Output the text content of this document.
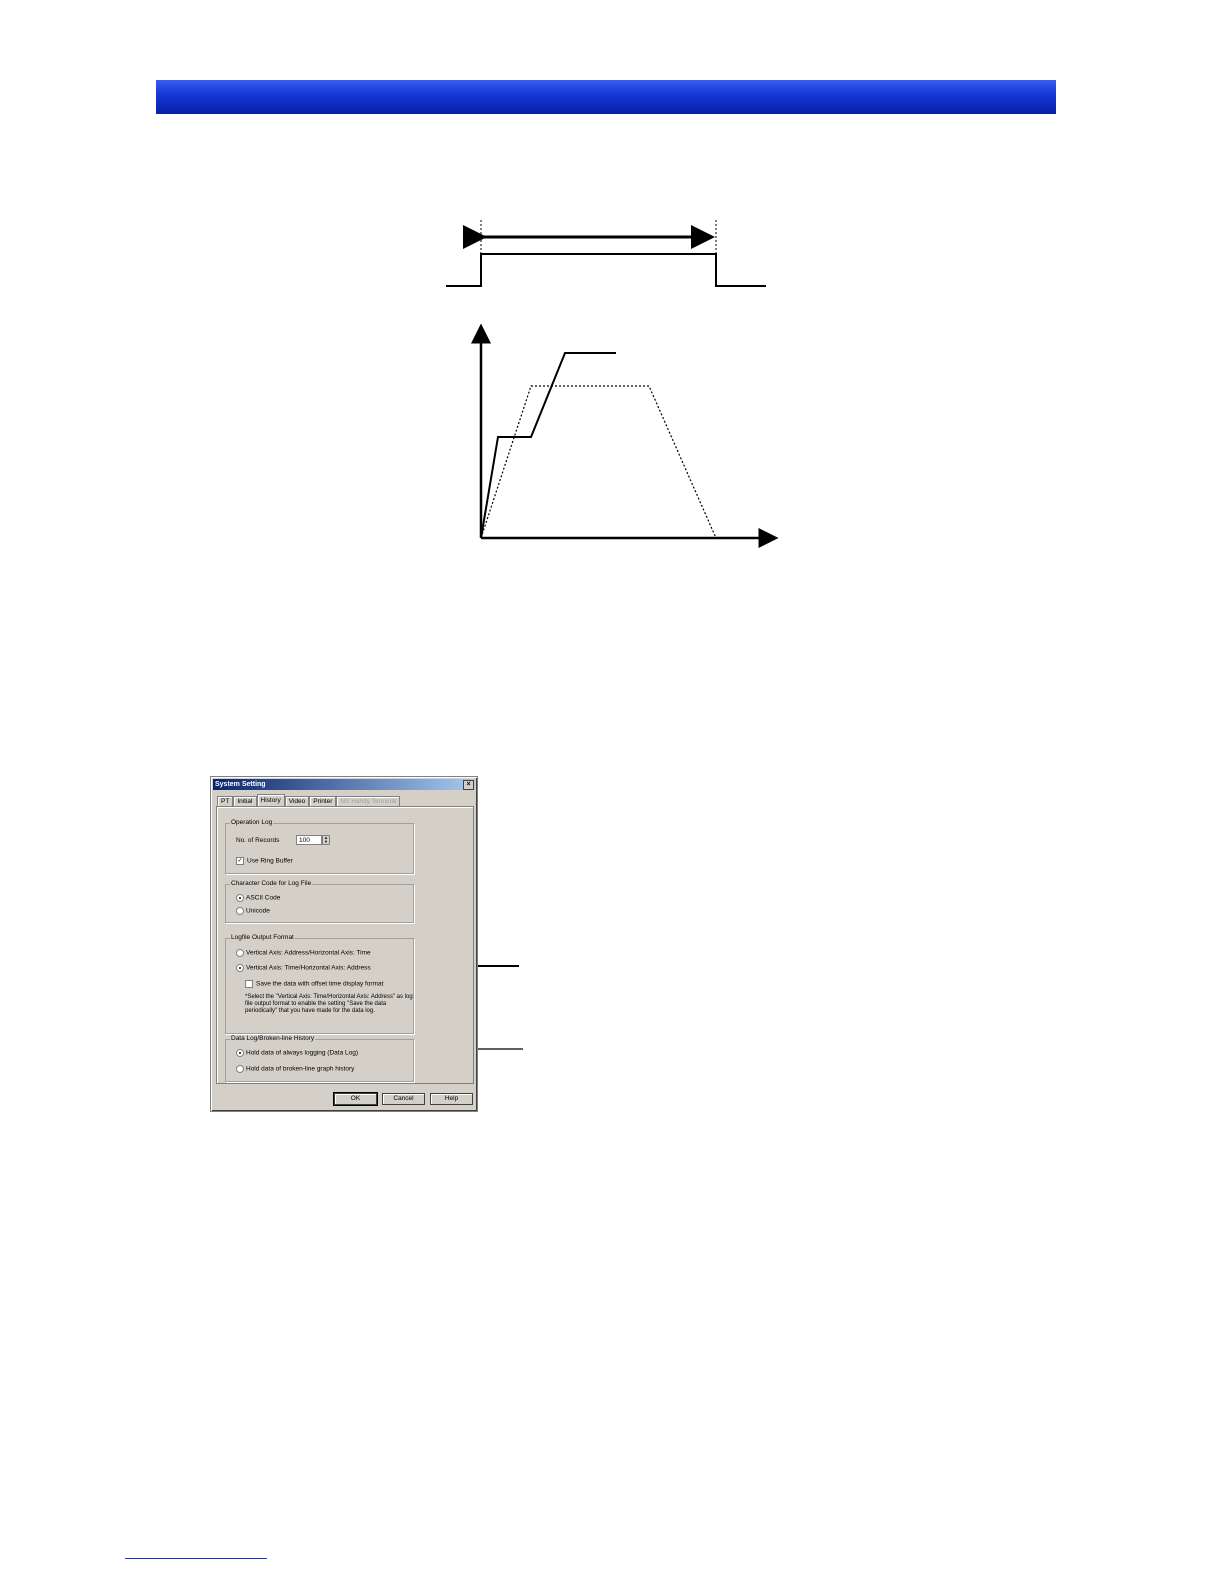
System Setting	×
PT	Initial	History	Video	Printer	NS Handy Terminal
Operation Log
No. of Records	100	▲
▼
✓ Use Ring Buffer
Character Code for Log File
ASCII Code
Unicode
Logfile Output Format
Vertical Axis: Address/Horizontal Axis: Time
Vertical Axis: Time/Horizontal Axis: Address
Save the data with offset time display format
*Select the "Vertical Axis: Time/Horizontal Axis: Address" as log file output format to enable the setting "Save the data periodically" that you have made for the data log.
Data Log/Broken-line History
Hold data of always logging (Data Log)
Hold data of broken-line graph history
OK	Cancel	Help
